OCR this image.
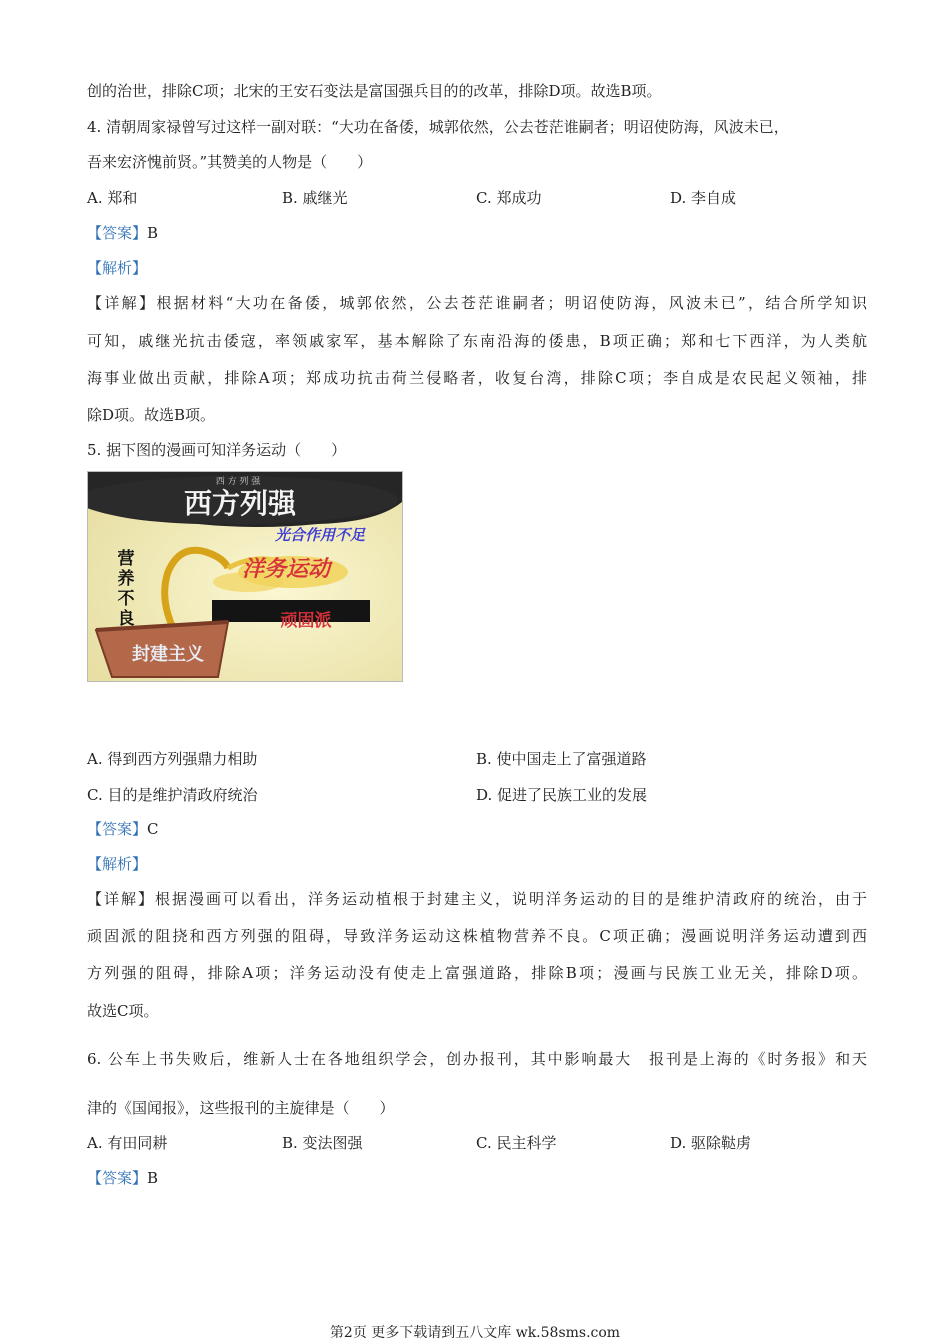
创的治世，排除C项；北宋的王安石变法是富国强兵目的的改革，排除D项。故选B项。
4. 清朝周家禄曾写过这样一副对联：“大功在备倭，城郭依然，公去苍茫谁嗣者；明诏使防海，风波未已，
吾来宏济愧前贤。”其赞美的人物是（　　）
A. 郑和	B. 戚继光	C. 郑成功	D. 李自成
【答案】B
【解析】
【详解】根据材料“大功在备倭，城郭依然，公去苍茫谁嗣者；明诏使防海，风波未已”，结合所学知识
可知，戚继光抗击倭寇，率领戚家军，基本解除了东南沿海的倭患，B项正确；郑和七下西洋，为人类航
海事业做出贡献，排除A项；郑成功抗击荷兰侵略者，收复台湾，排除C项；李自成是农民起义领袖，排
除D项。故选B项。
5. 据下图的漫画可知洋务运动（　　）
西 方 列 强
西方列强
光合作用不足
洋务运动
顽固派
营
养
不
良
封建主义
A. 得到西方列强鼎力相助	B. 使中国走上了富强道路
C. 目的是维护清政府统治	D. 促进了民族工业的发展
【答案】C
【解析】
【详解】根据漫画可以看出，洋务运动植根于封建主义，说明洋务运动的目的是维护清政府的统治，由于
顽固派的阻挠和西方列强的阻碍，导致洋务运动这株植物营养不良。C项正确；漫画说明洋务运动遭到西
方列强的阻碍，排除A项；洋务运动没有使走上富强道路，排除B项；漫画与民族工业无关，排除D项。
故选C项。
6. 公车上书失败后，维新人士在各地组织学会，创办报刊，其中影响最大　报刊是上海的《时务报》和天
津的《国闻报》，这些报刊的主旋律是（　　）
A. 有田同耕	B. 变法图强	C. 民主科学	D. 驱除鞑虏
【答案】B
第2页 更多下载请到五八文库 wk.58sms.com
